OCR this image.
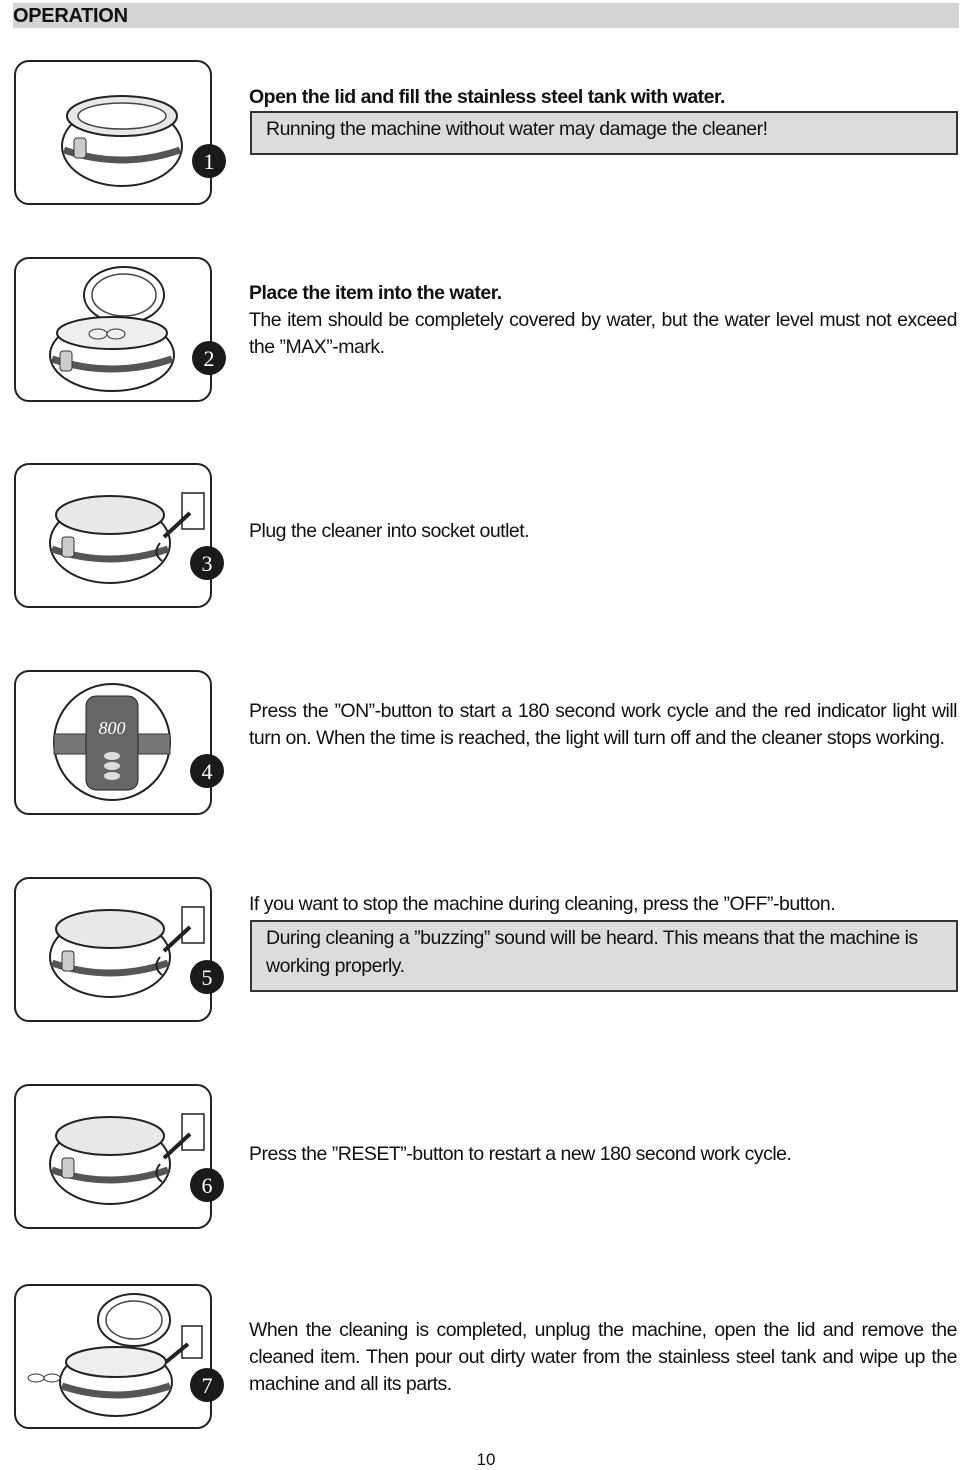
OPERATION
1

Open the lid and fill the stainless steel tank with water.

Running the machine without water may damage the cleaner!
2

Place the item into the water.

The item should be completely covered by water, but the water level must not exceed the ”MAX”-mark.

3

Plug the cleaner into socket outlet.

800
4

Press the ”ON”-button to start a 180 second work cycle and the red indicator light will turn on. When the time is reached, the light will turn off and the cleaner stops working.

5

If you want to stop the machine during cleaning, press the ”OFF”-button.

During cleaning a ”buzzing” sound will be heard. This means that the machine is working properly.
6

Press the ”RESET”-button to restart a new 180 second work cycle.

7

When the cleaning is completed, unplug the machine, open the lid and remove the cleaned item. Then pour out dirty water from the stainless steel tank and wipe up the machine and all its parts.

10
